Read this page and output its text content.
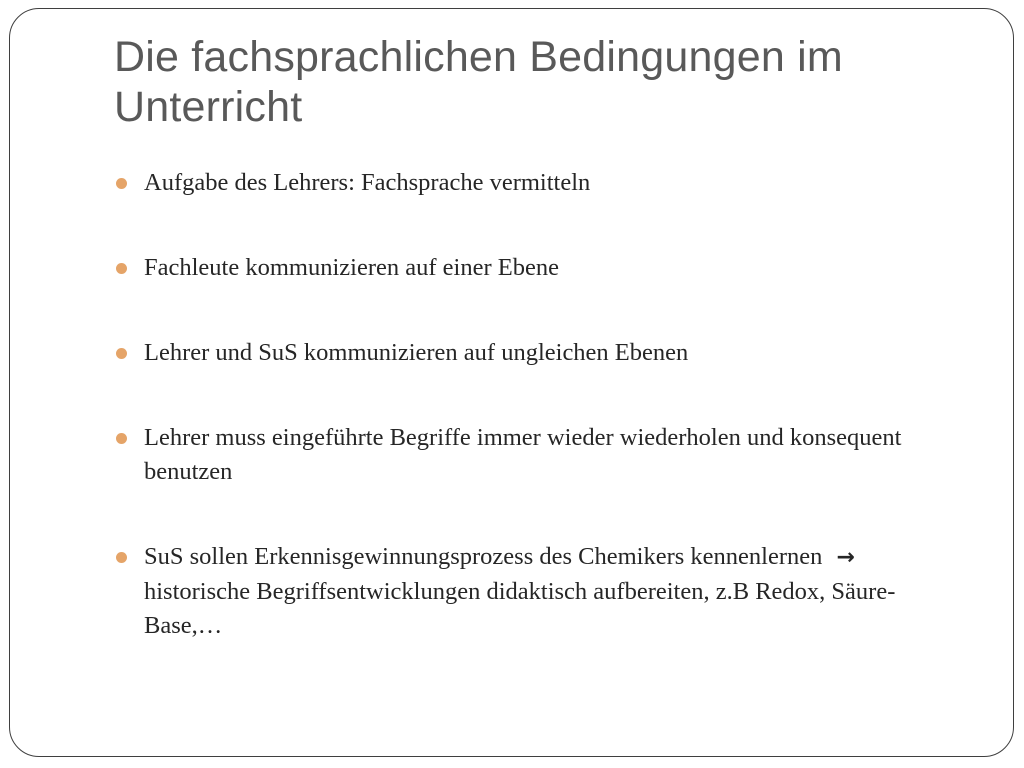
Die fachsprachlichen Bedingungen im Unterricht
Aufgabe des Lehrers: Fachsprache vermitteln
Fachleute kommunizieren auf einer Ebene
Lehrer und SuS kommunizieren auf ungleichen Ebenen
Lehrer muss eingeführte Begriffe immer wieder wiederholen und konsequent benutzen
SuS sollen Erkennisgewinnungsprozess des Chemikers kennenlernen →
historische Begriffsentwicklungen didaktisch aufbereiten, z.B Redox, Säure-Base,…
